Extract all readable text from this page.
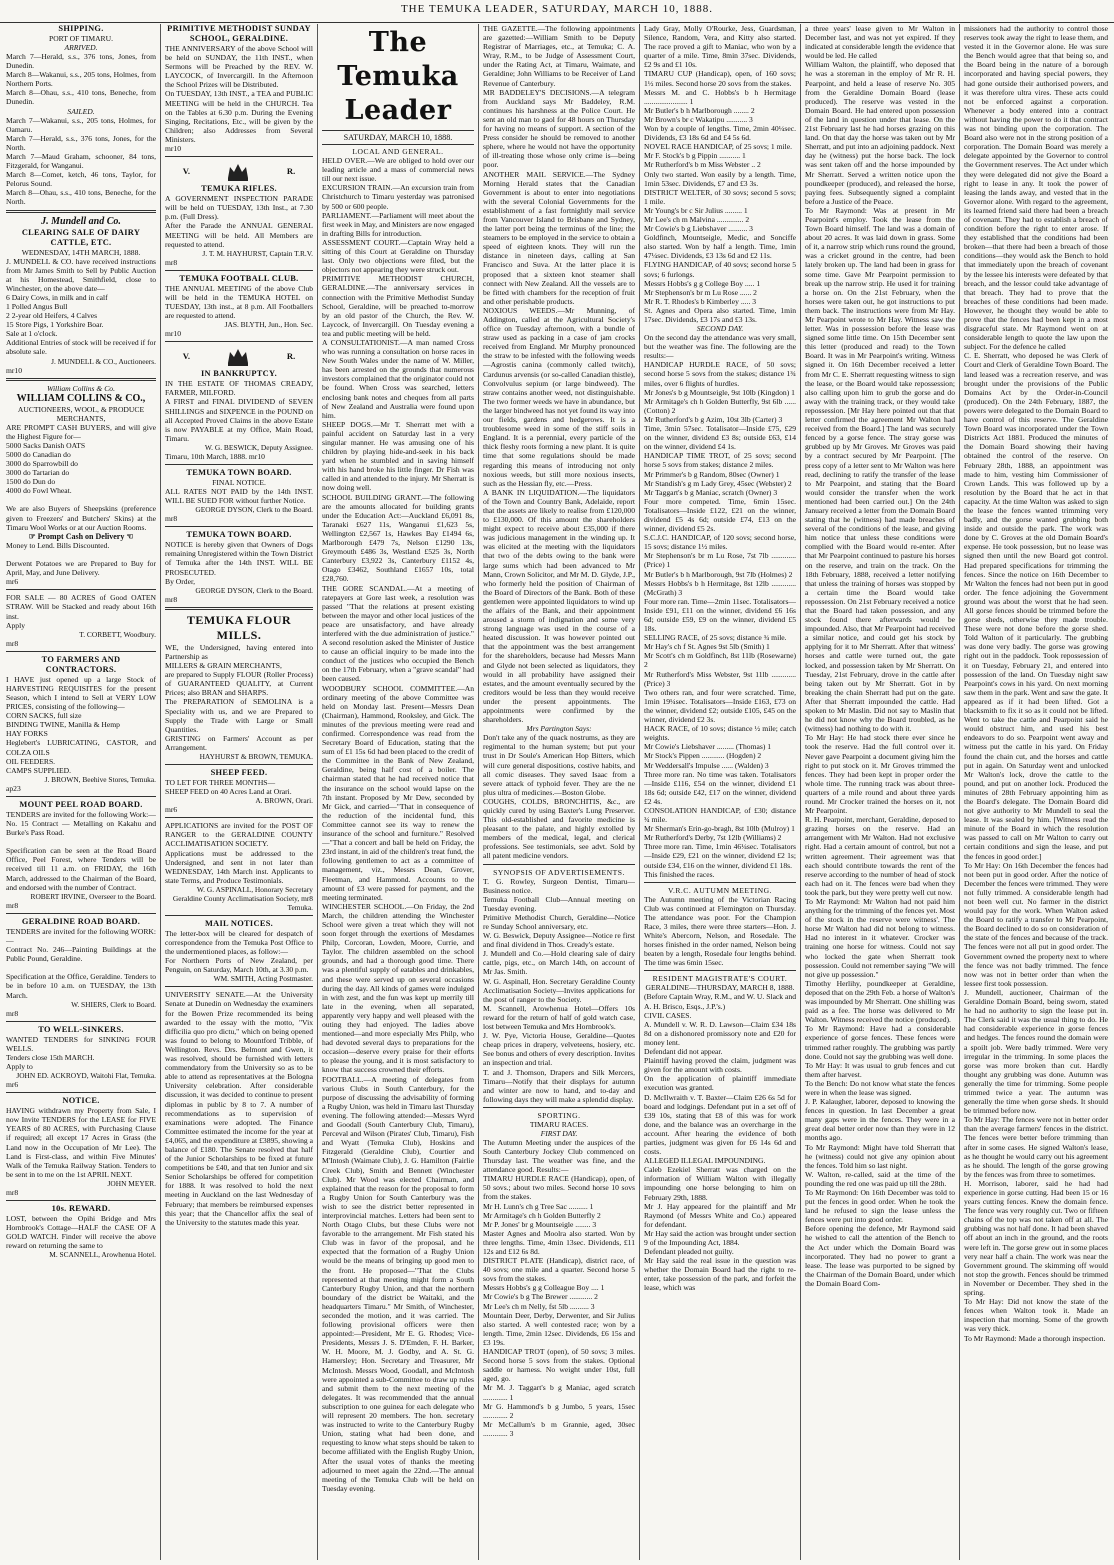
THE TEMUKA LEADER, SATURDAY, MARCH 10, 1888.

SHIPPING.

PORT OF TIMARU.

ARRIVED.

March 7—Herald, s.s., 376 tons, Jones, from Dunedin.
March 8—Wakanui, s.s., 205 tons, Holmes, from Northern Ports.
March 8—Ohau, s.s., 410 tons, Beneche, from Dunedin.

SAILED.

March 7—Wakanui, s.s., 205 tons, Holmes, for Oamaru.
March 7—Herald, s.s., 376 tons, Jones, for the North.
March 7—Maud Graham, schooner, 84 tons, Fitzgerald, for Wanganui.
March 8—Comet, ketch, 46 tons, Taylor, for Pelorus Sound.
March 8—Ohau, s.s., 410 tons, Beneche, for the North.

J. Mundell and Co.

CLEARING SALE OF DAIRY CATTLE, ETC.

WEDNESDAY, 14TH MARCH, 1888.

J. MUNDELL & CO. have received instructions from Mr James Smith to Sell by Public Auction at his Homestead, Smithfield, close to Winchester, on the above date—
6 Dairy Cows, in milk and in calf
1 Polled Angus Bull
2 2-year old Heifers, 4 Calves
15 Store Pigs, 1 Yorkshire Boar.
Sale at 1 o'clock.
Additional Entries of stock will be received if for absolute sale.

J. MUNDELL & CO., Auctioneers.

mr10

William Collins & Co.

WILLIAM COLLINS & CO.,

AUCTIONEERS, WOOL, & PRODUCE MERCHANTS,

ARE PROMPT CASH BUYERS, and will give the Highest Figure for—
5000 Sacks Danish OATS
5000 do Canadian do
3000 do Sparrowbill do
3000 do Tartarian do
1500 do Dun do
4000 do Fowl Wheat.

We are also Buyers of Sheepskins (preference given to Freezers' and Butchers' Skins) at the Timaru Wool Works or at our Auction Rooms.

☞ Prompt Cash on Delivery ☜

Money to Lend. Bills Discounted.

Derwent Potatoes we are Prepared to Buy for April, May, and June Delivery.

mr6

FOR SALE — 80 ACRES of Good OATEN STRAW. Will be Stacked and ready about 16th inst.
Apply

T. CORBETT, Woodbury.

mr8

TO FARMERS AND CONTRACTORS.

I HAVE just opened up a large Stock of HARVESTING REQUISITES for the present Season, which I intend to Sell at VERY LOW PRICES, consisting of the following—
CORN SACKS, full size
BINDING TWINE, Manilla & Hemp
HAY FORKS
Heglebert's LUBRICATING, CASTOR, and COLZA OILS
OIL FEEDERS.
CAMPS SUPPLIED.

J. BROWN, Beehive Stores, Temuka.

ap23

MOUNT PEEL ROAD BOARD.

TENDERS are invited for the following Work:—
No. 15 Contract — Metalling on Kakahu and Burke's Pass Road.

Specification can be seen at the Road Board Office, Peel Forest, where Tenders will be received till 11 a.m. on FRIDAY, the 16th March, addressed to the Chairman of the Board, and endorsed with the number of Contract.

ROBERT IRVINE, Overseer to the Board.

mr8

GERALDINE ROAD BOARD.

TENDERS are invited for the following WORK:—
Contract No. 246—Painting Buildings at the Public Pound, Geraldine.

Specification at the Office, Geraldine. Tenders to be in before 10 a.m. on TUESDAY, the 13th March.

W. SHIERS, Clerk to Board.

mr8

TO WELL-SINKERS.

WANTED TENDERS for SINKING FOUR WELLS.
Tenders close 15th MARCH.
Apply to

JOHN ED. ACKROYD, Waitohi Flat, Temuka.

mr6

NOTICE.

HAVING withdrawn my Property from Sale, I now Invite TENDERS for the LEASE for FIVE YEARS of 80 ACRES, with Purchasing Clause if required; all except 17 Acres in Grass (the Land now in the Occupation of Mr Lee). The Land is First-class, and within Five Minutes' Walk of the Temuka Railway Station. Tenders to be sent in to me on the 1st APRIL NEXT.

JOHN MEYER.

mr8

10s. REWARD.

LOST, between the Opihi Bridge and Mrs Hornbrook's Cottage—HALF the CASE OF A GOLD WATCH. Finder will receive the above reward on returning the same to

M. SCANNELL, Arowhenua Hotel.

PRIMITIVE METHODIST SUNDAY SCHOOL, GERALDINE.

THE ANNIVERSARY of the above School will be held on SUNDAY, the 11th INST., when Sermons will be Preached by the REV. W. LAYCOCK, of Invercargill. In the Afternoon the School Prizes will be Distributed.
On TUESDAY, 13th INST., a TEA and PUBLIC MEETING will be held in the CHURCH. Tea on the Tables at 6.30 p.m. During the Evening Singing, Recitations, Etc., will be given by the Children; also Addresses from Several Ministers.

mr10

V.	R.

TEMUKA RIFLES.

A GOVERNMENT INSPECTION PARADE will be held on TUESDAY, 13th Inst., at 7.30 p.m. (Full Dress).
After the Parade the ANNUAL GENERAL MEETING will be held. All Members are requested to attend.

J. T. M. HAYHURST, Captain T.R.V.

mr8

TEMUKA FOOTBALL CLUB.

THE ANNUAL MEETING of the above Club will be held in the TEMUKA HOTEL on TUESDAY, 13th inst., at 8 p.m. All Footballers are requested to attend.

JAS. BLYTH, Jun., Hon. Sec.

mr10

V.	R.

IN BANKRUPTCY.

IN THE ESTATE OF THOMAS CREADY, FARMER, MILFORD.
A FIRST and FINAL DIVIDEND of SEVEN SHILLINGS and SIXPENCE in the POUND on all Accepted Proved Claims in the above Estate is now PAYABLE at my Office, Main Road, Timaru.

W. G. BESWICK, Deputy Assignee.

Timaru, 10th March, 1888. mr10

TEMUKA TOWN BOARD.

FINAL NOTICE.

ALL RATES NOT PAID by the 14th INST. WILL BE SUED FOR without further Notice.

GEORGE DYSON, Clerk to the Board.

mr8

TEMUKA TOWN BOARD.

NOTICE is hereby given that Owners of Dogs remaining Unregistered within the Town District of Temuka after the 14th INST. WILL BE PROSECUTED.
By Order,

GEORGE DYSON, Clerk to the Board.

mr8

TEMUKA FLOUR MILLS.

WE, the Undersigned, having entered into Partnership as
MILLERS & GRAIN MERCHANTS,
are prepared to Supply FLOUR (Roller Process) of GUARANTEED QUALITY, at Current Prices; also BRAN and SHARPS.
The PREPARATION of SEMOLINA is a Speciality with us, and we are Prepared to Supply the Trade with Large or Small Quantities.
GRISTING on Farmers' Account as per Arrangement.

HAYHURST & BROWN, TEMUKA.

SHEEP FEED.

TO LET FOR THREE MONTHS—
SHEEP FEED on 40 Acres Land at Orari.

A. BROWN, Orari.

mr6

APPLICATIONS are invited for the POST OF RANGER to the GERALDINE COUNTY ACCLIMATISATION SOCIETY.
Applications must be addressed to the Undersigned, and sent in not later than WEDNESDAY, 14th March inst. Applicants to state Terms, and Produce Testimonials.

W. G. ASPINALL, Honorary Secretary

Geraldine County Acclimatisation Society, mr8 Temuka.

MAIL NOTICES.

The letter-box will be cleared for despatch of correspondence from the Temuka Post Office to the undermentioned places, as follow:—
For Northern Ports of New Zealand, per Penguin, on Saturday, March 10th, at 3.30 p.m.

WM. SMITH, Acting Postmaster.

UNIVERSITY SENATE.—At the University Senate at Dunedin on Wednesday the examiners for the Bowen Prize recommended its being awarded to the essay with the motto, "Vix difficilia quo pro dictu," which on being opened was found to belong to Mountford Tribble, of Wellington. Revs. Drs. Belmont and Gwen, it was resolved, should be furnished with letters commendatory from the University so as to be able to attend as representatives at the Bologna University celebration. After considerable discussion, it was decided to continue to present diplomas in public by 8 to 7. A number of recommendations as to supervision of examinations were adopted. The Finance Committee estimated the income for the year at £4,065, and the expenditure at £3895, showing a balance of £180. The Senate resolved that half of the Junior Scholarships to be fixed at future competitions be £40, and that ten Junior and six Senior Scholarships be offered for competition for 1888. It was resolved to hold the next meeting in Auckland on the last Wednesday of February; that members be reimbursed expenses this year; that the Chancellor affix the seal of the University to the statutes made this year.

The Temuka Leader
SATURDAY, MARCH 10, 1888.

LOCAL AND GENERAL.

HELD OVER.—We are obliged to hold over our leading article and a mass of commercial news till our next issue.
EXCURSION TRAIN.—An excursion train from Christchurch to Timaru yesterday was patronised by 500 or 600 people.
PARLIAMENT.—Parliament will meet about the first week in May, and Ministers are now engaged in drafting Bills for introduction.
ASSESSMENT COURT.—Captain Wray held a sitting of this Court at Geraldine on Thursday last. Only two objections were filed, but the objectors not appearing they were struck out.
PRIMITIVE METHODIST CHURCH, GERALDINE.—The anniversary services in connection with the Primitive Methodist Sunday School, Geraldine, will be preached to-morrow by an old pastor of the Church, the Rev. W. Laycock, of Invercargill. On Tuesday evening a tea and public meeting will be held.
A CONSULTATIONIST.—A man named Cross who was running a consultation on horse races in New South Wales under the name of W. Miller, has been arrested on the grounds that numerous investors complained that the originator could not be found. When Cross was searched, letters enclosing bank notes and cheques from all parts of New Zealand and Australia were found upon him.
SHEEP DOGS.—Mr T. Sherratt met with a painful accident on Saturday last in a very singular manner. He was amusing one of his children by playing hide-and-seek in his back yard when he stumbled and in saving himself with his hand broke his little finger. Dr Fish was called in and attended to the injury. Mr Sherratt is now doing well.
SCHOOL BUILDING GRANT.—The following are the amounts allocated for building grants under the Education Act:—Auckland £6,091 8s, Taranaki £627 11s, Wanganui £1,623 5s, Wellington £2,567 1s, Hawkes Bay £1494 6s, Marlborough £479 7s, Nelson £1290 13s, Greymouth £486 3s, Westland £525 3s, North Canterbury £3,922 3s, Canterbury £1152 4s, Otago £3462, Southland £1657 10s, total £28,760.
THE GORE SCANDAL.—At a meeting of ratepayers at Gore last week, a resolution was passed "That the relations at present existing between the mayor and other local justices of the peace are unsatisfactory, and have already interfered with the due administration of justice." A second resolution asked the Minister of Justice to cause an official inquiry to be made into the conduct of the justices who occupied the Bench on the 17th February, when a "grave scandal" had been caused.
WOODBURY SCHOOL COMMITTEE.—An ordinary meeting of the above Committee was held on Monday last. Present—Messrs Dean (Chairman), Hammond, Rooksley, and Gick. The minutes of the previous meeting were read and confirmed. Correspondence was read from the Secretary Board of Education, stating that the sum of £1 15s 6d had been placed to the credit of the Committee in the Bank of New Zealand, Geraldine, being half cost of a boiler. The chairman stated that he had received notice that the insurance on the school would lapse on the 7th instant. Proposed by Mr Dew, seconded by Mr Gick, and carried—"That in consequence of the reduction of the incidental fund, this Committee cannot see its way to renew the insurance of the school and furniture." Resolved—"That a concert and ball be held on Friday, the 23rd instant, in aid of the children's treat fund, the following gentlemen to act as a committee of management, viz., Messrs Dean, Grover, Fleetman, and Hammond. Accounts to the amount of £3 were passed for payment, and the meeting terminated.
WINCHESTER SCHOOL.—On Friday, the 2nd March, the children attending the Winchester School were given a treat which they will not soon forget through the exertions of Mesdames Philp, Corcoran, Lowden, Moore, Currie, and Taylor. The children assembled on the school grounds, and had a thorough good time. There was a plentiful supply of eatables and drinkables, and these were served up on several occasions during the day. All kinds of games were indulged in with zest, and the fun was kept up merrily till late in the evening, when all separated, apparently very happy and well pleased with the outing they had enjoyed. The ladies above mentioned—and more especially Mrs Philp, who had devoted several days to preparations for the occasion—deserve every praise for their efforts to please the young, and it is most satisfactory to know that success crowned their efforts.
FOOTBALL.—A meeting of delegates from various Clubs in South Canterbury, for the purpose of discussing the advisability of forming a Rugby Union, was held in Timaru last Thursday evening. The following attended:—Messrs Wyrd and Goodall (South Canterbury Club, Timaru), Perceval and Wilson (Pirates' Club, Timaru), Fish and Wyatt (Temuka Club), Hoskins and Fitzgerald (Geraldine Club), Courtier and M'Intosh (Waimate Club), J. G. Hamilton (Fairlie Creek Club), Smith and Bennett (Winchester Club). Mr Wood was elected Chairman, and explained that the reason for the proposal to form a Rugby Union for South Canterbury was the wish to see the district better represented in interprovincial matches. Letters had been sent to North Otago Clubs, but these Clubs were not favorable to the arrangement. Mr Fish stated his Club was in favor of the proposal, and he expected that the formation of a Rugby Union would be the means of bringing up good men to the front. He proposed—"That the Clubs represented at that meeting might form a South Canterbury Rugby Union, and that the northern boundary of the district be Waitaki, and the headquarters Timaru." Mr Smith, of Winchester, seconded the motion, and it was carried. The following provisional officers were then appointed:—President, Mr E. G. Rhodes; Vice-Presidents, Messrs J. S. D'Emden, F. H. Barker, W. H. Moore, M. J. Godby, and A. St. G. Hamersley; Hon. Secretary and Treasurer, Mr McIntosh. Messrs Wood, Goodall, and McIntosh were appointed a sub-Committee to draw up rules and submit them to the next meeting of the delegates. It was recommended that the annual subscription to one guinea for each delegate who will represent 20 members. The hon. secretary was instructed to write to the Canterbury Rugby Union, stating what had been done, and requesting to know what steps should be taken to become affiliated with the English Rugby Union, After the usual votes of thanks the meeting adjourned to meet again the 22nd.—The annual meeting of the Temuka Club will be held on Tuesday evening.

THE GAZETTE.—The following appointments are gazetted:—William Smith to be Deputy Registrar of Marriages, etc., at Temuka; C. A. Wray, R.M., to be Judge of Assessment Court, under the Rating Act, at Timaru, Waimate, and Geraldine; John Williams to be Receiver of Land Revenue of Canterbury.
MR BADDELEY'S DECISIONS.—A telegram from Auckland says Mr Baddeley, R.M. continues his harshness at the Police Court. He sent an old man to gaol for 48 hours on Thursday for having no means of support. A section of the Press consider he should be removed to another sphere, where he would not have the opportunity of ill-treating those whose only crime is—being poor.
ANOTHER MAIL SERVICE.—The Sydney Morning Herald states that the Canadian Government is about to enter into negotiations with the several Colonial Governments for the establishment of a fast fortnightly mail service from Vancouver Island to Brisbane and Sydney, the latter port being the terminus of the line; the steamers to be employed in the service to obtain a speed of eighteen knots. They will run the distance in nineteen days, calling at San Francisco and Suva. At the latter place it is proposed that a sixteen knot steamer shall connect with New Zealand. All the vessels are to be fitted with chambers for the reception of fruit and other perishable products.
NOXIOUS WEEDS.—Mr Munning, of Addington, called at the Agricultural Society's office on Tuesday afternoon, with a bundle of straw used as packing in a case of jam crocks received from England. Mr Murphy pronounced the straw to be infested with the following weeds—Agrostis canina (commonly called twitch), Cardunus arvensis (or so-called Canadian thistle), Convolvulus sepium (or large bindweed). The straw contains another weed, not distinguishable. The two former weeds we have in abundance, but the larger bindweed has not yet found its way into our fields, gardens and hedgerows. It is a troublesome weed in some of the stiff soils in England. It is a perennial, every particle of the thick fleshy roots forming a new plant. It is quite time that some regulations should be made regarding this means of introducing not only noxious weeds, but still more noxious insects, such as the Hessian fly, etc.—Press.
A BANK IN LIQUIDATION.—The liquidators of the Town and Country Bank, Adelaide, report that the assets are likely to realise from £120,000 to £130,000. Of this amount the shareholders might expect to receive about £35,000 if there was judicious management in the winding up. It was elicited at the meeting with the liquidators that two of the debts owing to the bank were large sums which had been advanced to Mr Mann, Crown Solicitor, and Mr M. D. Glyde, J.P., who formerly held the position of Chairman of the Board of Directors of the Bank. Both of these gentlemen were appointed liquidators to wind up the affairs of the Bank, and their appointment aroused a storm of indignation and some very strong language was used in the course of a heated discussion. It was however pointed out that the appointment was the best arrangement for the shareholders, because had Messrs Mann and Glyde not been selected as liquidators, they would in all probability have assigned their estates, and the amount eventually secured by the creditors would be less than they would receive under the present appointments. The appointments were confirmed by the shareholders.

Mrs Partington Says:

Don't take any of the quack nostrums, as they are regimental to the human system; but put your trust in Dr Soule's American Hop Bitters, which will cure general dispositions, costive habits, and all comic diseases. They saved Isaac from a severe attack of typhoid fever. They are the ne plus ultra of medicines.—Boston Globe.
COUGHS, COLDS, BRONCHITIS, &c., are quickly cured by using Baxter's Lung Preserver. This old-established and favorite medicine is pleasant to the palate, and highly extolled by members of the medical, legal, and clerical professions. See testimonials, see advt. Sold by all patent medicine vendors.

SYNOPSIS OF ADVERTISEMENTS.

T. G. Rowley, Surgeon Dentist, Timaru—Business notice.
Temuka Football Club—Annual meeting on Tuesday evening.
Primitive Methodist Church, Geraldine—Notice re Sunday School anniversary, etc.
W. G. Beswick, Deputy Assignee—Notice re first and final dividend in Thos. Cready's estate.
J. Mundell and Co.—Hold clearing sale of dairy cattle, pigs, etc., on March 14th, on account of Mr Jas. Smith.
W. G. Aspinall, Hon. Secretary Geraldine County Acclimatisation Society—Invites applications for the post of ranger to the Society.
M. Scannell, Arowhenua Hotel—Offers 10s reward for the return of half of gold watch case, lost between Temuka and Mrs Hornbrook's.
J. W. Pye, Victoria House, Geraldine—Quotes cheap prices in drapery, velveteens, hosiery, etc. See bonus and others of every description. Invites an inspection and trial.
T. and J. Thomson, Drapers and Silk Mercers, Timaru—Notify that their displays for autumn and winter are now to hand, and to-day and following days they will make a splendid display.

SPORTING.

TIMARU RACES.

FIRST DAY.

The Autumn Meeting under the auspices of the South Canterbury Jockey Club commenced on Thursday last. The weather was fine, and the attendance good. Results:—
TIMARU HURDLE RACE (Handicap), open, of 50 sovs.; about two miles. Second horse 10 sovs from the stakes.
Mr H. Lunn's ch g Tree Sac .......... 1
Mr Armitage's ch h Golden Butterfly 2
Mr P. Jones' br g Mountseigle ........ 3
Master Agnes and Moolra also started. Won by three lengths. Time, 4min 13sec. Dividends, £11 12s and £12 6s 8d.
DISTRICT PLATE (Handicap), district race, of 40 sovs; one mile and a quarter. Second horse 5 sovs from the stakes.
Messrs Hobbs's g g Colleague Boy .... 1
Mr Cowie's b g The Brewer ............ 2
Mr Lee's ch m Nelly, fst 5lb .......... 3
Mountain Deer, Derby, Derwenter, and Sir Julius also started. A well contested race; won by a length. Time, 2min 12sec. Dividends, £6 15s and £3 19s.
HANDICAP TROT (open), of 50 sovs; 3 miles. Second horse 5 sovs from the stakes. Optional saddle or harness. No weight under 10st, full aged, go.
Mr M. J. Taggart's b g Maniac, aged scratch ............. 1
Mr G. Hammond's b g Jumbo, 5 years, 15sec ............. 2
Mr McCallum's b m Grannie, aged, 30sec ............. 3

Lady Gray, Molly O'Rourke, Jess, Guardsman, Silence, Random, Vera, and Kitty also started. The race proved a gift to Maniac, who won by a quarter of a mile. Time, 8min 37sec. Dividends, £2 9s and £1 10s.
TIMARU CUP (Handicap), open, of 160 sovs; 1½ miles. Second horse 20 sovs from the stakes.
Messrs M. and C. Hobbs's b h Hermitage ....................... 1
Mr Butler's b h Marlborough ........ 2
Mr Brown's br c Wakatipu ........... 3
Won by a couple of lengths. Time, 2min 40¼sec. Dividends, £3 18s 6d and £4 5s 6d.
NOVEL RACE HANDICAP, of 25 sovs; 1 mile.
Mr F. Stock's b g Pippin ........... 1
Mr Rutherford's b m Miss Webster .. 2
Only two started. Won easily by a length. Time, 1min 53sec. Dividends, £7 and £3 3s.
DISTRICT WELTER, of 30 sovs; second 5 sovs; 1 mile.
Mr Young's br c Sir Julius ......... 1
Mr Lee's ch m Malvina .............. 2
Mr Cowie's b g Liebshaver .......... 3
Goldfinch, Mountseigle, Medic, and Sonciffe also started. Won by half a length. Time, 1min 47¼sec. Dividends, £3 13s 6d and £2 11s.
FLYING HANDICAP, of 40 sovs; second horse 5 sovs; 6 furlongs.
Messrs Hobbs's g g College Boy ..... 1
Mr Stephenson's br m Lu Rose ...... 2
Mr R. T. Rhodes's b Kimberley ..... 3
St. Agnes and Opera also started. Time, 1min 17sec. Dividends, £3 17s and £3 13s.

SECOND DAY.

On the second day the attendance was very small, but the weather was fine. The following are the results:—
HANDICAP HURDLE RACE, of 50 sovs; second horse 5 sovs from the stakes; distance 1¾ miles, over 6 flights of hurdles.
Mr Jones's b g Mountseigle, 9st 10lb (Kingdon) 1
Mr Armitage's ch h Golden Butterfly, 9st 6lb ...... (Cotton) 2
Mr Rutherford's b g Azim, 10st 3lb (Carter) 3
Time, 3min 57sec. Totalisator—Inside £75, £29 on the winner, dividend £3 8s; outside £63, £14 on the winner, dividend £4 1s.
HANDICAP TIME TROT, of 25 sovs; second horse 5 sovs from stakes; distance 2 miles.
Mr Primmer's b g Random, 80sec (Owner) 1
Mr Standish's g m Lady Grey, 45sec (Webster) 2
Mr Taggart's b g Maniac, scratch (Owner) 3
Four more competed. Time, 6min 15sec. Totalisators—Inside £122, £21 on the winner, dividend £5 4s 6d; outside £74, £13 on the winner, dividend £5 2s.
S.C.J.C. HANDICAP, of 120 sovs; second horse, 15 sovs; distance 1½ miles.
Mr Stephenson's br m Lu Rose, 7st 7lb ............. (Price) 1
Mr Butler's b h Marlborough, 9st 7lb (Holmes) 2
Messrs Hobbs's b h Hermitage, 8st 12lb ............. (McGrath) 3
Four more ran. Time—2min 11sec. Totalisators—Inside £91, £11 on the winner, dividend £6 16s 6d; outside £59, £9 on the winner, dividend £5 18s.
SELLING RACE, of 25 sovs; distance ¾ mile.
Mr Hay's ch f St. Agnes 9st 5lb (Smith) 1
Mr Scott's ch m Goldfinch, 8st 11lb (Rosewarne) 2
Mr Rutherford's Miss Webster, 9st 11lb ............. (Price) 3
Two others ran, and four were scratched. Time, 1min 19¼sec. Totalisators—Inside £163, £73 on the winner, dividend £2; outside £105, £45 on the winner, dividend £2 3s.
HACK RACE, of 10 sovs; distance ½ mile; catch weights.
Mr Cowie's Liebshaver ......... (Thomas) 1
Mr Stock's Pippen ............ (Hogden) 2
Mr Weddersall's Impulse ...... (Walden) 3
Three more ran. No time was taken. Totalisators—Inside £116, £54 on the winner, dividend £1 18s 6d; outside £42, £17 on the winner, dividend £2 4s.
CONSOLATION HANDICAP, of £30; distance ¾ mile.
Mr Sherman's Erin-go-bragh, 8st 10lb (Mulroy) 1
Mr Rutherford's Derby, 7st 12lb (Williams) 2
Three more ran. Time, 1min 46¼sec. Totalisators—Inside £29, £21 on the winner, dividend £2 1s; outside £34, £16 on the winner, dividend £1 18s.
This finished the races.

V.R.C. AUTUMN MEETING.

The Autumn meeting of the Victorian Racing Club was continued at Flemington on Thursday. The attendance was poor. For the Champion Race, 3 miles, there were three starters—Hon. J. White's Abercorn, Nelson, and Rosedale. The horses finished in the order named, Nelson being beaten by a length, Rosedale four lengths behind. The time was 6min 15sec.

RESIDENT MAGISTRATE'S COURT.

GERALDINE—THURSDAY, MARCH 8, 1888.

(Before Captain Wray, R.M., and W. U. Slack and A. H. Brisco, Esqs., J.P.'s.)
CIVIL CASES.
A. Mundell v. W. R. D. Lawson—Claim £34 18s 8d on a dishonored promissory note and £20 for money lent.
Defendant did not appear.
Plaintiff having proved the claim, judgment was given for the amount with costs.
On the application of plaintiff immediate execution was granted.
D. McIlwraith v. T. Baxter—Claim £26 6s 5d for board and lodgings. Defendant put in a set off of £39 10s, stating that £8 of this was for work done, and the balance was an overcharge in the account. After hearing the evidence of both parties, judgment was given for £6 14s 6d and costs.
ALLEGED ILLEGAL IMPOUNDING.
Caleb Ezekiel Sherratt was charged on the information of William Walton with illegally impounding one horse belonging to him on February 29th, 1888.
Mr J. Hay appeared for the plaintiff and Mr Raymond (of Messrs White and Co.) appeared for defendant.
Mr Hay said the action was brought under section 9 of the Impounding Act, 1884.
Defendant pleaded not guilty.
Mr Hay said the real issue in the question was whether the Domain Board had the right to re-enter, take possession of the park, and forfeit the lease, which was

a three years' lease given to Mr Walton in December last, and was not yet expired. If they indicated at considerable length the evidence that would be led. He called
William Walton, the plaintiff, who deposed that he was a storeman in the employ of Mr R. H. Pearpoint, and held a lease of reserve No. 305 from the Geraldine Domain Board (lease produced). The reserve was vested in the Domain Board. He had entered upon possession of the land in question under that lease. On the 21st February last he had horses grazing on this land. On that day the horse was taken out by Mr Sherratt, and put into an adjoining paddock. Next day he (witness) put the horse back. The lock was sent taken off and the horse impounded by Mr Sherratt. Served a written notice upon the poundkeeper (produced), and released the horse, paying fees. Subsequently signed a complaint before a Justice of the Peace.
To Mr Raymond: Was at present in Mr Pearpoint's employ. Took the lease from the Town Board himself. The land was a domain of about 20 acres. It was laid down in grass. Some of it, a narrow strip which runs round the ground, was a cricket ground in the centre, had been lately broken up. The land had been in grass for some time. Gave Mr Pearpoint permission to break up the narrow strip. He used it for training a horse on. On the 21st February, when the horses were taken out, he got instructions to put them back. The instructions were from Mr Hay. Mr Pearpoint wrote to Mr Hay. Witness saw the letter. Was in possession before the lease was signed some little time. On 15th December sent this letter (produced and read) to the Town Board. It was in Mr Pearpoint's writing. Witness signed it. On 16th December received a letter from Mr C. E. Sherratt requesting witness to sign the lease, or the Board would take repossession; also calling upon him to grub the gorse and do away with the training track, or they would take repossession. [Mr Hay here pointed out that that letter confirmed the agreement Mr Walton had received from the Board.] The land was securely fenced by a gorse fence. The stray gorse was grubbed up by Mr Groves. Mr Groves was paid by a contract secured by Mr Pearpoint. [The press copy of a letter sent to Mr Walton was here read, declining to ratify the transfer of the lease to Mr Pearpoint, and stating that the Board would consider the transfer when the work mentioned had been carried out.] On the 24th January received a letter from the Domain Board stating that he (witness) had made breaches of several of the conditions of the lease, and giving him notice that unless these conditions were complied with the Board would re-enter. After that Mr Pearpoint continued to pasture his horses on the reserve, and train on the track. On the 18th February, 1888, received a letter notifying that unless the training of horses was stopped by a certain time the Board would take repossession. On 21st February received a notice that the Board had taken possession, and any stock found there afterwards would be impounded. Also, that Mr Pearpoint had received a similar notice, and could get his stock by applying for it to Mr Sherratt. After that witness' horses and cattle were turned out, the gate locked, and possession taken by Mr Sherratt. On Tuesday, 21st February, drove in the cattle after being taken out by Mr Sherratt. Got in by breaking the chain Sherratt had put on the gate. After that Sherratt impounded the cattle. Had spoken to Mr Maslin. Did not say to Maslin that he did not know why the Board troubled, as he (witness) had nothing to do with it.
To Mr Hay: He had stock there ever since he took the reserve. Had the full control over it. Never gave Pearpoint a document giving him the right to put stock on it. Mr Groves trimmed the fences. They had been kept in proper order the whole time. The running track was about three-quarters of a mile round and about three yards round. Mr Crocker trained the horses on it, not Mr Pearpoint.
R. H. Pearpoint, merchant, Geraldine, deposed to grazing horses on the reserve. Had an arrangement with Mr Walton. Had not exclusive right. Had a certain amount of control, but not a written agreement. Their agreement was that each should contribute towards the rent of the reserve according to the number of head of stock each had on it. The fences were bad when they took the park, but they were pretty well cut now.
To Mr Raymond: Mr Walton had not paid him anything for the trimming of the fences yet. Most of the stock in the reserve were witness'. The horse Mr Walton had did not belong to witness. Had no interest in it whatever. Crocker was training one horse for witness. Could not say who locked the gate when Sherratt took possession. Could not remember saying "We will not give up possession."
Timothy Herlihy, poundkeeper at Geraldine, deposed that on the 29th Feb. a horse of Walton's was impounded by Mr Sherratt. One shilling was paid as a fee. The horse was delivered to Mr Walton. Witness received the notice (produced).
To Mr Raymond: Have had a considerable experience of gorse fences. These fences were trimmed rather roughly. The grubbing was partly done. Could not say the grubbing was well done.
To Mr Hay: It was usual to grub fences and cut them after harvest.
To the Bench: Do not know what state the fences were in when the lease was signed.
J. P. Kalaugher, laborer, deposed to knowing the fences in question. In last December a great many gaps were in the fences. They were in a great deal better order now than they were in 12 months ago.
To Mr Raymond: Might have told Sherratt that he (witness) could not give any opinion about the fences. Told him so last night.
W. Walton, re-called, said at the time of the pounding the red one was paid up till the 28th.
To Mr Raymond: On 16th December was told to put the fences in good order. When he took the land he refused to sign the lease unless the fences were put into good order.
Before opening the defence, Mr Raymond said he wished to call the attention of the Bench to the Act under which the Domain Board was incorporated. They had no power to grant a lease. The lease was purported to be signed by the Chairman of the Domain Board, under which the Domain Board Com-

missioners had the authority to control those reserves took away the right to lease them, and vested it in the Governor alone. He was sure the Bench would agree that that being so, and the Board being in the nature of a borough incorporated and having special powers, they had gone outside their authorised powers, and it was therefore ultra vires. These acts could not be enforced against a corporation. Whenever a body entered into a contract without having the power to do it that contract was not binding upon the corporation. The Board also were not in the strong position of a corporation. The Domain Board was merely a delegate appointed by the Governor to control the Government reserves. The Act under which they were delegated did not give the Board a right to lease in any. It took the power of leasing the lands away, and vested that in the Governor alone. With regard to the agreement, its learned friend said there had been a breach of covenant. They had to establish a breach of condition before the right to enter arose. If they established that the conditions had been broken—that there had been a breach of those conditions—they would ask the Bench to hold that immediately upon the breach of covenant by the lessee his interests were defeated by that breach, and the lessor could take advantage of that breach. They had to prove that the breaches of these conditions had been made. However, he thought they would be able to prove that the fences had been kept in a most disgraceful state. Mr Raymond went on at considerable length to quote the law upon the subject. For the defence he called
C. E. Sherratt, who deposed he was Clerk of Court and Clerk of Geraldine Town Board. The land leased was a recreation reserve, and was brought under the provisions of the Public Domains Act by the Order-in-Council (produced). On the 24th February, 1887, the powers were delegated to the Domain Board to have control of this reserve. The Geraldine Town Board was incorporated under the Town Districts Act 1881. Produced the minutes of the Domain Board showing their having obtained the control of the reserve. On February 28th, 1888, an appointment was made to him, vesting him Commissioner of Crown Lands. This was followed up by a resolution by the Board that he act in that capacity. At the time Walton was asked to sign the lease the fences wanted trimming very badly, and the gorse wanted grubbing both inside and outside the park. The work was done by C. Groves at the old Domain Board's expense. He took possession, but no lease was signed then until the new Board got control. Had prepared specifications for trimming the fences. Since the notice on 16th December to Mr Walton the fences had not been put in good order. The fence adjoining the Government ground was about the worst that he had seen. All gorse fences should be trimmed before the gorse sheds, otherwise they made trouble. These were not done before the gorse shed. Told Walton of it particularly. The grubbing was done very badly. The gorse was growing right out in the paddock. Took repossession of it on Tuesday, February 21, and entered into possession of the land. On Tuesday night saw Pearpoint's cows in his yard. On next morning saw them in the park. Went and saw the gate. It appeared as if it had been lifted. Got a blacksmith to fix it so as it could not be lifted. Went to take the cattle and Pearpoint said he would obstruct him, and used his best endeavors to do so. Pearpoint went away and witness put the cattle in his yard. On Friday found the chain cut, and the horses and cattle put in again. On Saturday went and unlocked Mr Walton's lock, drove the cattle to the pound, and put on another lock. Produced the minutes of 28th February appointing him as the Board's delegate. The Domain Board did not give authority to Mr Mundell to seal the lease. It was sealed by him. [Witness read the minute of the Board in which the resolution was passed to call on Mr Walton to carry out certain conditions and sign the lease, and put the fences in good order.]
To Mr Hay: On 16th December the fences had not been put in good order. After the notice of December the fences were trimmed. They were not fully trimmed. A considerable length had not been well cut. No farmer in the district would pay for the work. When Walton asked the Board to ratify a transfer to Mr Pearpoint, the Board declined to do so on consideration of the state of the fences and because of the track. The fences were not all put in good order. The Government owned the property next to where the fence was not badly trimmed. The fence now was not in better order than when the lessee first took possession.
J. Mundell, auctioneer, Chairman of the Geraldine Domain Board, being sworn, stated he had no authority to sign the lease put in. The Clerk said it was the usual thing to do. He had considerable experience in gorse fences and hedges. The fences round the domain were a spoilt job. Were badly trimmed. Were very irregular in the trimming. In some places the gorse was more broken than cut. Hardly thought any grubbing was done. Autumn was generally the time for trimming. Some people trimmed twice a year. The autumn was generally the time when gorse sheds. It should be trimmed before now.
To Mr Hay: The fences were not in better order than the average farmers' fences in the district. The fences were better before trimming than after in some cases. He signed Walton's lease, as he thought he would carry out his agreement as he should. The length of the gorse growing by the fences was from three to sometimes.
H. Morrison, laborer, said he had had experience in gorse cutting. Had been 15 or 16 years cutting fences. Knew the domain fence. The fence was very roughly cut. Two or fifteen chains of the top was not taken off at all. The grubbing was not half done. It had been shaved off about an inch in the ground, and the roots were left in. The gorse grew out in some places very near half a chain. The work was near the Government ground. The skimming off would not stop the growth. Fences should be trimmed in November or December. They shed in the spring.
To Mr Hay: Did not know the state of the fences when Walton took it. Made an inspection that morning. Some of the growth was very thick.
To Mr Raymond: Made a thorough inspection.
